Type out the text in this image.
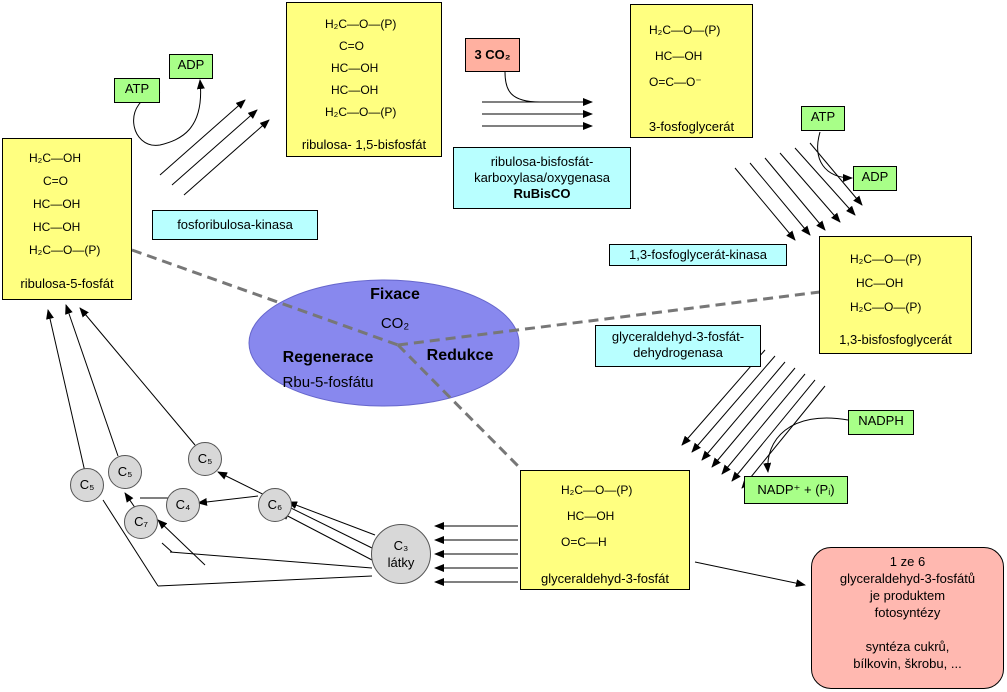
H₂C—O—(P)
C=O
HC—OH
HC—OH
H₂C—O—(P)
ribulosa- 1,5-bisfosfát
H₂C—O—(P)
HC—OH
O=C—O⁻
3-fosfoglycerát
H₂C—OH
C=O
HC—OH
HC—OH
H₂C—O—(P)
ribulosa-5-fosfát
H₂C—O—(P)
HC—OH
H₂C—O—(P)
1,3-bisfosfoglycerát
H₂C—O—(P)
HC—OH
O=C—H
glyceraldehyd-3-fosfát
fosforibulosa-kinasa
ribulosa-bisfosfát-
karboxylasa/oxygenasa
RuBisCO
1,3-fosfoglycerát-kinasa
glyceraldehyd-3-fosfát-
dehydrogenasa
ATP
ADP
3 CO₂
ATP
ADP
NADPH
NADP⁺ + (Pᵢ)
Fixace
CO₂
Regenerace
Rbu-5-fosfátu
Redukce
C₃
látky
C₅
C₅
C₅
C₄	C₆
C₇
1 ze 6
glyceraldehyd-3-fosfátů
je produktem
fotosyntézy
syntéza cukrů,
bílkovin, škrobu, ...
